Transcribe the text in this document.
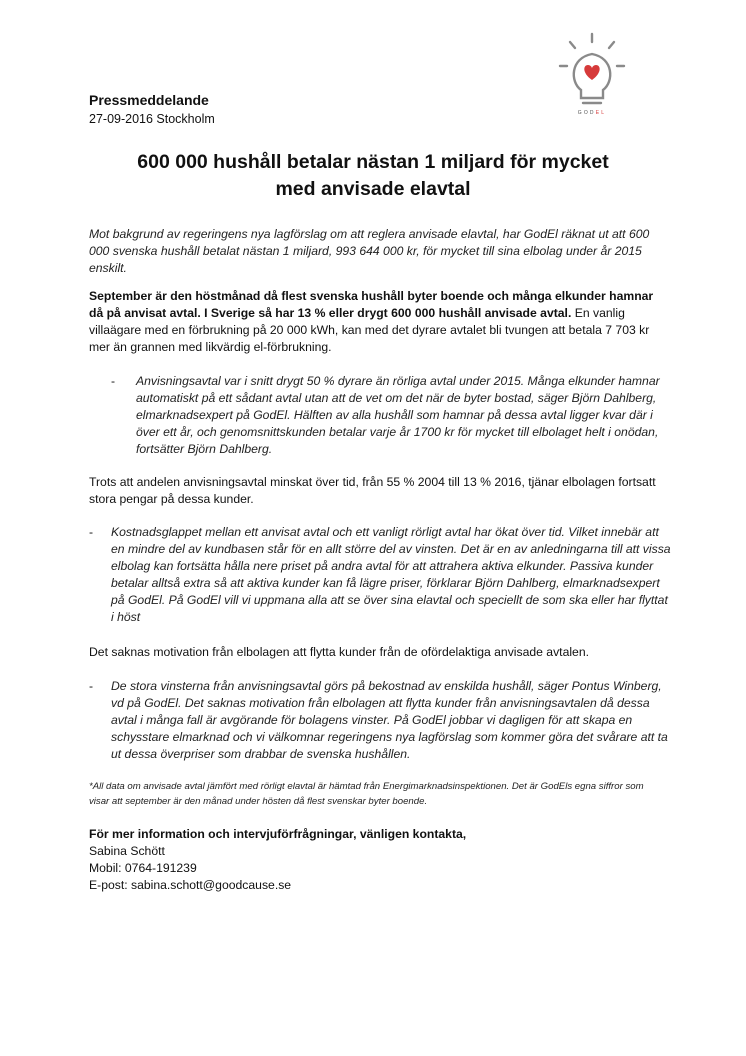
GODEL
Pressmeddelande
27-09-2016 Stockholm
600 000 hushåll betalar nästan 1 miljard för mycket
med anvisade elavtal
Mot bakgrund av regeringens nya lagförslag om att reglera anvisade elavtal, har GodEl räknat ut att 600 000 svenska hushåll betalat nästan 1 miljard, 993 644 000 kr, för mycket till sina elbolag under år 2015 enskilt.
September är den höstmånad då flest svenska hushåll byter boende och många elkunder hamnar då på anvisat avtal. I Sverige så har 13 % eller drygt 600 000 hushåll anvisade avtal. En vanlig villaägare med en förbrukning på 20 000 kWh, kan med det dyrare avtalet bli tvungen att betala 7 703 kr mer än grannen med likvärdig el-förbrukning.
- Anvisningsavtal var i snitt drygt 50 % dyrare än rörliga avtal under 2015. Många elkunder hamnar automatiskt på ett sådant avtal utan att de vet om det när de byter bostad, säger Björn Dahlberg, elmarknadsexpert på GodEl. Hälften av alla hushåll som hamnar på dessa avtal ligger kvar där i över ett år, och genomsnittskunden betalar varje år 1700 kr för mycket till elbolaget helt i onödan, fortsätter Björn Dahlberg.
Trots att andelen anvisningsavtal minskat över tid, från 55 % 2004 till 13 % 2016, tjänar elbolagen fortsatt stora pengar på dessa kunder.
- Kostnadsglappet mellan ett anvisat avtal och ett vanligt rörligt avtal har ökat över tid. Vilket innebär att en mindre del av kundbasen står för en allt större del av vinsten. Det är en av anledningarna till att vissa elbolag kan fortsätta hålla nere priset på andra avtal för att attrahera aktiva elkunder. Passiva kunder betalar alltså extra så att aktiva kunder kan få lägre priser, förklarar Björn Dahlberg, elmarknadsexpert på GodEl. På GodEl vill vi uppmana alla att se över sina elavtal och speciellt de som ska eller har flyttat i höst
Det saknas motivation från elbolagen att flytta kunder från de ofördelaktiga anvisade avtalen.
- De stora vinsterna från anvisningsavtal görs på bekostnad av enskilda hushåll, säger Pontus Winberg, vd på GodEl. Det saknas motivation från elbolagen att flytta kunder från anvisningsavtalen då dessa avtal i många fall är avgörande för bolagens vinster. På GodEl jobbar vi dagligen för att skapa en schysstare elmarknad och vi välkomnar regeringens nya lagförslag som kommer göra det svårare att ta ut dessa överpriser som drabbar de svenska hushållen.
*All data om anvisade avtal jämfört med rörligt elavtal är hämtad från Energimarknadsinspektionen. Det är GodEls egna siffror som visar att september är den månad under hösten då flest svenskar byter boende.
För mer information och intervjuförfrågningar, vänligen kontakta,
Sabina Schött
Mobil: 0764-191239
E-post: sabina.schott@goodcause.se
